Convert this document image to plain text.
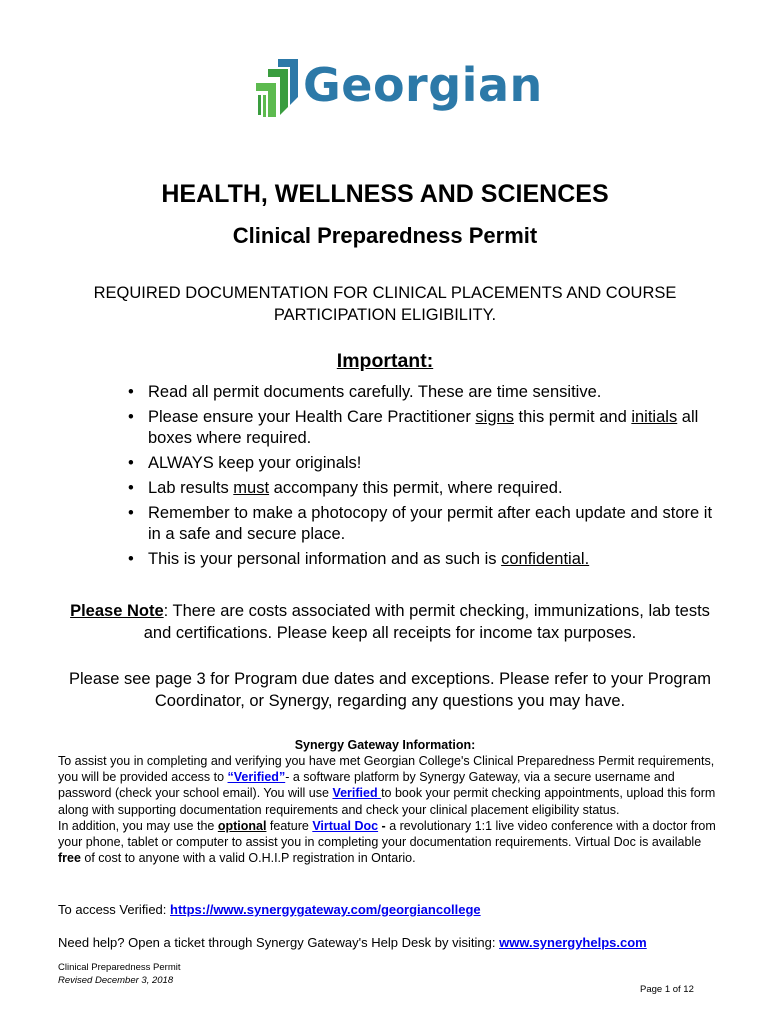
Georgian
HEALTH, WELLNESS AND SCIENCES
Clinical Preparedness Permit
REQUIRED DOCUMENTATION FOR CLINICAL PLACEMENTS AND COURSE PARTICIPATION ELIGIBILITY.
Important:
• Read all permit documents carefully. These are time sensitive.
• Please ensure your Health Care Practitioner signs this permit and initials all boxes where required.
• ALWAYS keep your originals!
• Lab results must accompany this permit, where required.
• Remember to make a photocopy of your permit after each update and store it in a safe and secure place.
• This is your personal information and as such is confidential.
Please Note: There are costs associated with permit checking, immunizations, lab tests and certifications. Please keep all receipts for income tax purposes.
Please see page 3 for Program due dates and exceptions. Please refer to your Program Coordinator, or Synergy, regarding any questions you may have.
Synergy Gateway Information:
To assist you in completing and verifying you have met Georgian College's Clinical Preparedness Permit requirements, you will be provided access to “Verified”- a software platform by Synergy Gateway, via a secure username and password (check your school email). You will use Verified to book your permit checking appointments, upload this form along with supporting documentation requirements and check your clinical placement eligibility status.
In addition, you may use the optional feature Virtual Doc - a revolutionary 1:1 live video conference with a doctor from your phone, tablet or computer to assist you in completing your documentation requirements. Virtual Doc is available free of cost to anyone with a valid O.H.I.P registration in Ontario.
To access Verified: https://www.synergygateway.com/georgiancollege
Need help? Open a ticket through Synergy Gateway's Help Desk by visiting: www.synergyhelps.com
Clinical Preparedness Permit
Revised December 3, 2018
Page 1 of 12
